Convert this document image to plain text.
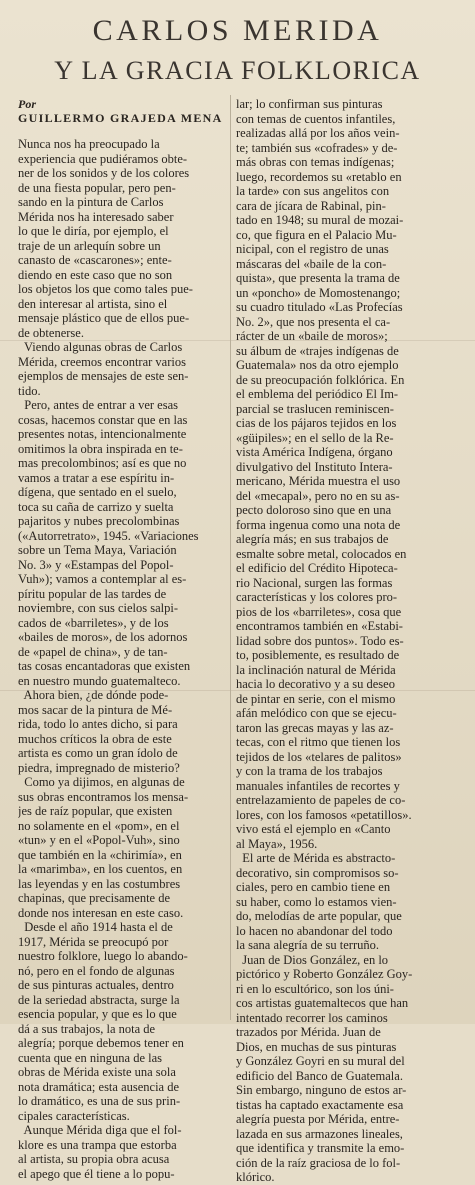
CARLOS MERIDA
Y LA GRACIA FOLKLORICA
Por
GUILLERMO GRAJEDA MENA
Nunca nos ha preocupado la
experiencia que pudiéramos obte-
ner de los sonidos y de los colores
de una fiesta popular, pero pen-
sando en la pintura de Carlos
Mérida nos ha interesado saber
lo que le diría, por ejemplo, el
traje de un arlequín sobre un
canasto de «cascarones»; ente-
diendo en este caso que no son
los objetos los que como tales pue-
den interesar al artista, sino el
mensaje plástico que de ellos pue-
de obtenerse.
Viendo algunas obras de Carlos
Mérida, creemos encontrar varios
ejemplos de mensajes de este sen-
tido.
Pero, antes de entrar a ver esas
cosas, hacemos constar que en las
presentes notas, intencionalmente
omitimos la obra inspirada en te-
mas precolombinos; así es que no
vamos a tratar a ese espíritu in-
dígena, que sentado en el suelo,
toca su caña de carrizo y suelta
pajaritos y nubes precolombinas
(«Autorretrato», 1945. «Variaciones
sobre un Tema Maya, Variación
No. 3» y «Estampas del Popol-
Vuh»); vamos a contemplar al es-
píritu popular de las tardes de
noviembre, con sus cielos salpi-
cados de «barriletes», y de los
«bailes de moros», de los adornos
de «papel de china», y de tan-
tas cosas encantadoras que existen
en nuestro mundo guatemalteco.
Ahora bien, ¿de dónde pode-
mos sacar de la pintura de Mé-
rida, todo lo antes dicho, si para
muchos críticos la obra de este
artista es como un gran ídolo de
piedra, impregnado de misterio?
Como ya dijimos, en algunas de
sus obras encontramos los mensa-
jes de raíz popular, que existen
no solamente en el «pom», en el
«tun» y en el «Popol-Vuh», sino
que también en la «chirimía», en
la «marimba», en los cuentos, en
las leyendas y en las costumbres
chapinas, que precisamente de
donde nos interesan en este caso.
Desde el año 1914 hasta el de
1917, Mérida se preocupó por
nuestro folklore, luego lo abando-
nó, pero en el fondo de algunas
de sus pinturas actuales, dentro
de la seriedad abstracta, surge la
esencia popular, y que es lo que
dá a sus trabajos, la nota de
alegría; porque debemos tener en
cuenta que en ninguna de las
obras de Mérida existe una sola
nota dramática; esta ausencia de
lo dramático, es una de sus prin-
cipales características.
Aunque Mérida diga que el fol-
klore es una trampa que estorba
al artista, su propia obra acusa
el apego que él tiene a lo popu-
lar; lo confirman sus pinturas
con temas de cuentos infantiles,
realizadas allá por los años vein-
te; también sus «cofrades» y de-
más obras con temas indígenas;
luego, recordemos su «retablo en
la tarde» con sus angelitos con
cara de jícara de Rabinal, pin-
tado en 1948; su mural de mozai-
co, que figura en el Palacio Mu-
nicipal, con el registro de unas
máscaras del «baile de la con-
quista», que presenta la trama de
un «poncho» de Momostenango;
su cuadro titulado «Las Profecías
No. 2», que nos presenta el ca-
rácter de un «baile de moros»;
su álbum de «trajes indígenas de
Guatemala» nos da otro ejemplo
de su preocupación folklórica. En
el emblema del periódico El Im-
parcial se traslucen reminiscen-
cias de los pájaros tejidos en los
«güipiles»; en el sello de la Re-
vista América Indígena, órgano
divulgativo del Instituto Intera-
mericano, Mérida muestra el uso
del «mecapal», pero no en su as-
pecto doloroso sino que en una
forma ingenua como una nota de
alegría más; en sus trabajos de
esmalte sobre metal, colocados en
el edificio del Crédito Hipoteca-
rio Nacional, surgen las formas
características y los colores pro-
pios de los «barriletes», cosa que
encontramos también en «Estabi-
lidad sobre dos puntos». Todo es-
to, posiblemente, es resultado de
la inclinación natural de Mérida
hacia lo decorativo y a su deseo
de pintar en serie, con el mismo
afán melódico con que se ejecu-
taron las grecas mayas y las az-
tecas, con el ritmo que tienen los
tejidos de los «telares de palitos»
y con la trama de los trabajos
manuales infantiles de recortes y
entrelazamiento de papeles de co-
lores, con los famosos «petatillos».
vivo está el ejemplo en «Canto
al Maya», 1956.
El arte de Mérida es abstracto-
decorativo, sin compromisos so-
ciales, pero en cambio tiene en
su haber, como lo estamos vien-
do, melodías de arte popular, que
lo hacen no abandonar del todo
la sana alegría de su terruño.
Juan de Dios González, en lo
pictórico y Roberto González Goy-
ri en lo escultórico, son los úni-
cos artistas guatemaltecos que han
intentado recorrer los caminos
trazados por Mérida. Juan de
Dios, en muchas de sus pinturas
y González Goyri en su mural del
edificio del Banco de Guatemala.
Sin embargo, ninguno de estos ar-
tistas ha captado exactamente esa
alegría puesta por Mérida, entre-
lazada en sus armazones lineales,
que identifica y transmite la emo-
ción de la raíz graciosa de lo fol-
klórico.
